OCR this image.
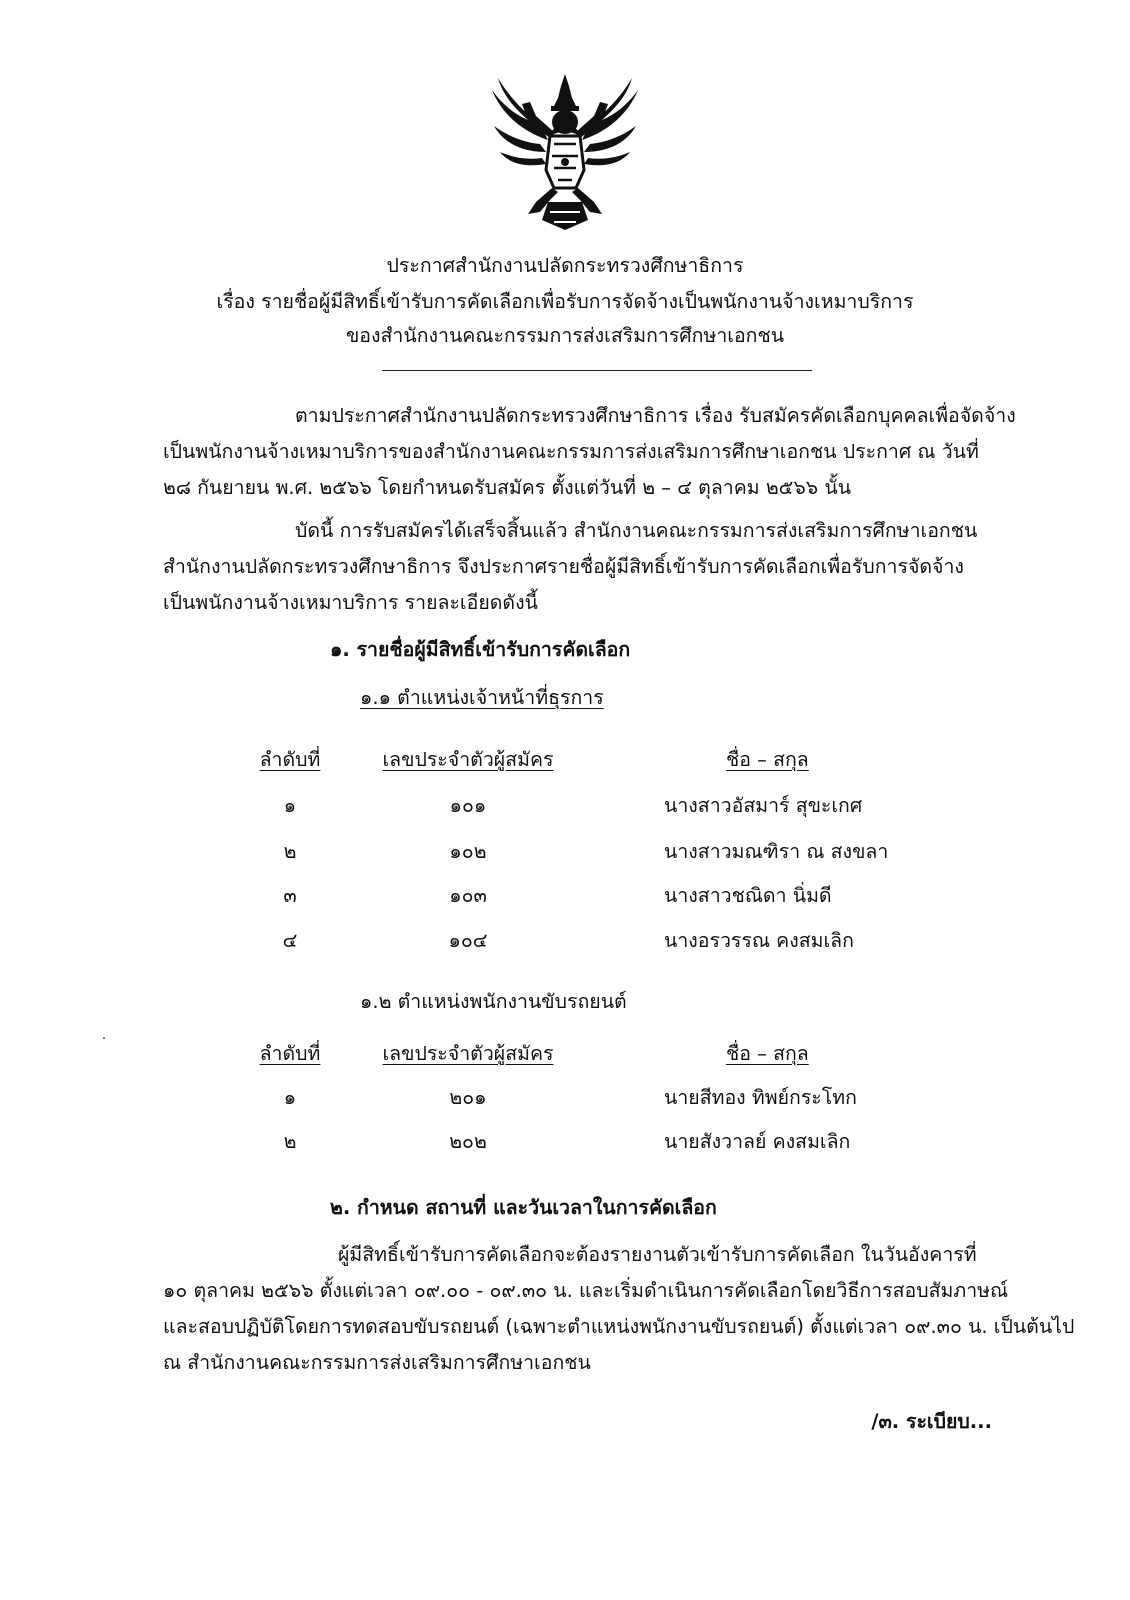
ประกาศสำนักงานปลัดกระทรวงศึกษาธิการ
เรื่อง รายชื่อผู้มีสิทธิ์เข้ารับการคัดเลือกเพื่อรับการจัดจ้างเป็นพนักงานจ้างเหมาบริการ
ของสำนักงานคณะกรรมการส่งเสริมการศึกษาเอกชน
ตามประกาศสำนักงานปลัดกระทรวงศึกษาธิการ เรื่อง รับสมัครคัดเลือกบุคคลเพื่อจัดจ้าง
เป็นพนักงานจ้างเหมาบริการของสำนักงานคณะกรรมการส่งเสริมการศึกษาเอกชน ประกาศ ณ วันที่
๒๘ กันยายน พ.ศ. ๒๕๖๖ โดยกำหนดรับสมัคร ตั้งแต่วันที่ ๒ – ๔ ตุลาคม ๒๕๖๖ นั้น
บัดนี้ การรับสมัครได้เสร็จสิ้นแล้ว สำนักงานคณะกรรมการส่งเสริมการศึกษาเอกชน
สำนักงานปลัดกระทรวงศึกษาธิการ จึงประกาศรายชื่อผู้มีสิทธิ์เข้ารับการคัดเลือกเพื่อรับการจัดจ้าง
เป็นพนักงานจ้างเหมาบริการ รายละเอียดดังนี้
๑. รายชื่อผู้มีสิทธิ์เข้ารับการคัดเลือก
๑.๑ ตำแหน่งเจ้าหน้าที่ธุรการ
ลำดับที่	เลขประจำตัวผู้สมัคร	ชื่อ – สกุล
๑	๑๐๑	นางสาวอัสมาร์ สุขะเกศ
๒	๑๐๒	นางสาวมณฑิรา ณ สงขลา
๓	๑๐๓	นางสาวชณิดา นิ่มดี
๔	๑๐๔	นางอรวรรณ คงสมเลิก
๑.๒ ตำแหน่งพนักงานขับรถยนต์
ลำดับที่	เลขประจำตัวผู้สมัคร	ชื่อ – สกุล
๑	๒๐๑	นายสีทอง ทิพย์กระโทก
๒	๒๐๒	นายสังวาลย์ คงสมเลิก
๒. กำหนด สถานที่ และวันเวลาในการคัดเลือก
ผู้มีสิทธิ์เข้ารับการคัดเลือกจะต้องรายงานตัวเข้ารับการคัดเลือก ในวันอังคารที่
๑๐ ตุลาคม ๒๕๖๖ ตั้งแต่เวลา ๐๙.๐๐ - ๐๙.๓๐ น. และเริ่มดำเนินการคัดเลือกโดยวิธีการสอบสัมภาษณ์
และสอบปฏิบัติโดยการทดสอบขับรถยนต์ (เฉพาะตำแหน่งพนักงานขับรถยนต์) ตั้งแต่เวลา ๐๙.๓๐ น. เป็นต้นไป
ณ สำนักงานคณะกรรมการส่งเสริมการศึกษาเอกชน
/๓. ระเบียบ...
